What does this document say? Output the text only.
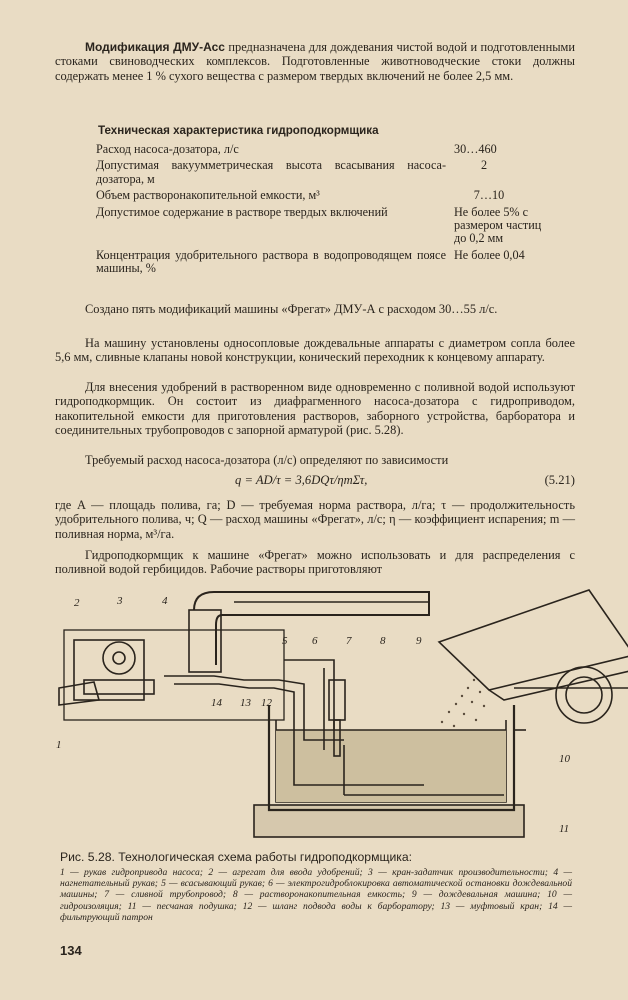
Модификация ДМУ-Асс предназначена для дождевания чистой водой и подготовленными стоками свиноводческих комплексов. Подготовленные животноводческие стоки должны содержать менее 1 % сухого вещества с размером твердых включений не более 2,5 мм.
Техническая характеристика гидроподкормщика
Расход насоса-дозатора, л/с	30…460
Допустимая вакуумметрическая высота всасывания насоса-дозатора, м	2

Объем растворонакопительной емкости, м³	7…10

Допустимое содержание в растворе твердых включений	Не более 5% с размером частиц до 0,2 мм
Концентрация удобрительного раствора в водопроводящем поясе машины, %	Не более 0,04
Создано пять модификаций машины «Фрегат» ДМУ-А с расходом 30…55 л/с.
На машину установлены односопловые дождевальные аппараты с диаметром сопла более 5,6 мм, сливные клапаны новой конструкции, конический переходник к концевому аппарату.
Для внесения удобрений в растворенном виде одновременно с поливной водой используют гидроподкормщик. Он состоит из диафрагменного насоса-дозатора с гидроприводом, накопительной емкости для приготовления растворов, заборного устройства, барборатора и соединительных трубопроводов с запорной арматурой (рис. 5.28).
Требуемый расход насоса-дозатора (л/с) определяют по зависимости
q = AD/τ = 3,6DQτ/ηmΣτ,	(5.21)
где A — площадь полива, га; D — требуемая норма раствора, л/га; τ — продолжительность удобрительного полива, ч; Q — расход машины «Фрегат», л/с; η — коэффициент испарения; m — поливная норма, м³/га.
Гидроподкормщик к машине «Фрегат» можно использовать и для распределения с поливной водой гербицидов. Рабочие растворы приготовляют
2	3	4
5 6	7	8	9
10
11
12
13
14
1
Рис. 5.28. Технологическая схема работы гидроподкормщика:
1 — рукав гидропривода насоса; 2 — агрегат для ввода удобрений; 3 — кран-задатчик производительности; 4 — нагнетательный рукав; 5 — всасывающий рукав; 6 — электрогидроблокировка автоматической остановки дождевальной машины; 7 — сливной трубопровод; 8 — растворонакопительная емкость; 9 — дождевальная машина; 10 — гидроизоляция; 11 — песчаная подушка; 12 — шланг подвода воды к барборатору; 13 — муфтовый кран; 14 — фильтрующий патрон
134
